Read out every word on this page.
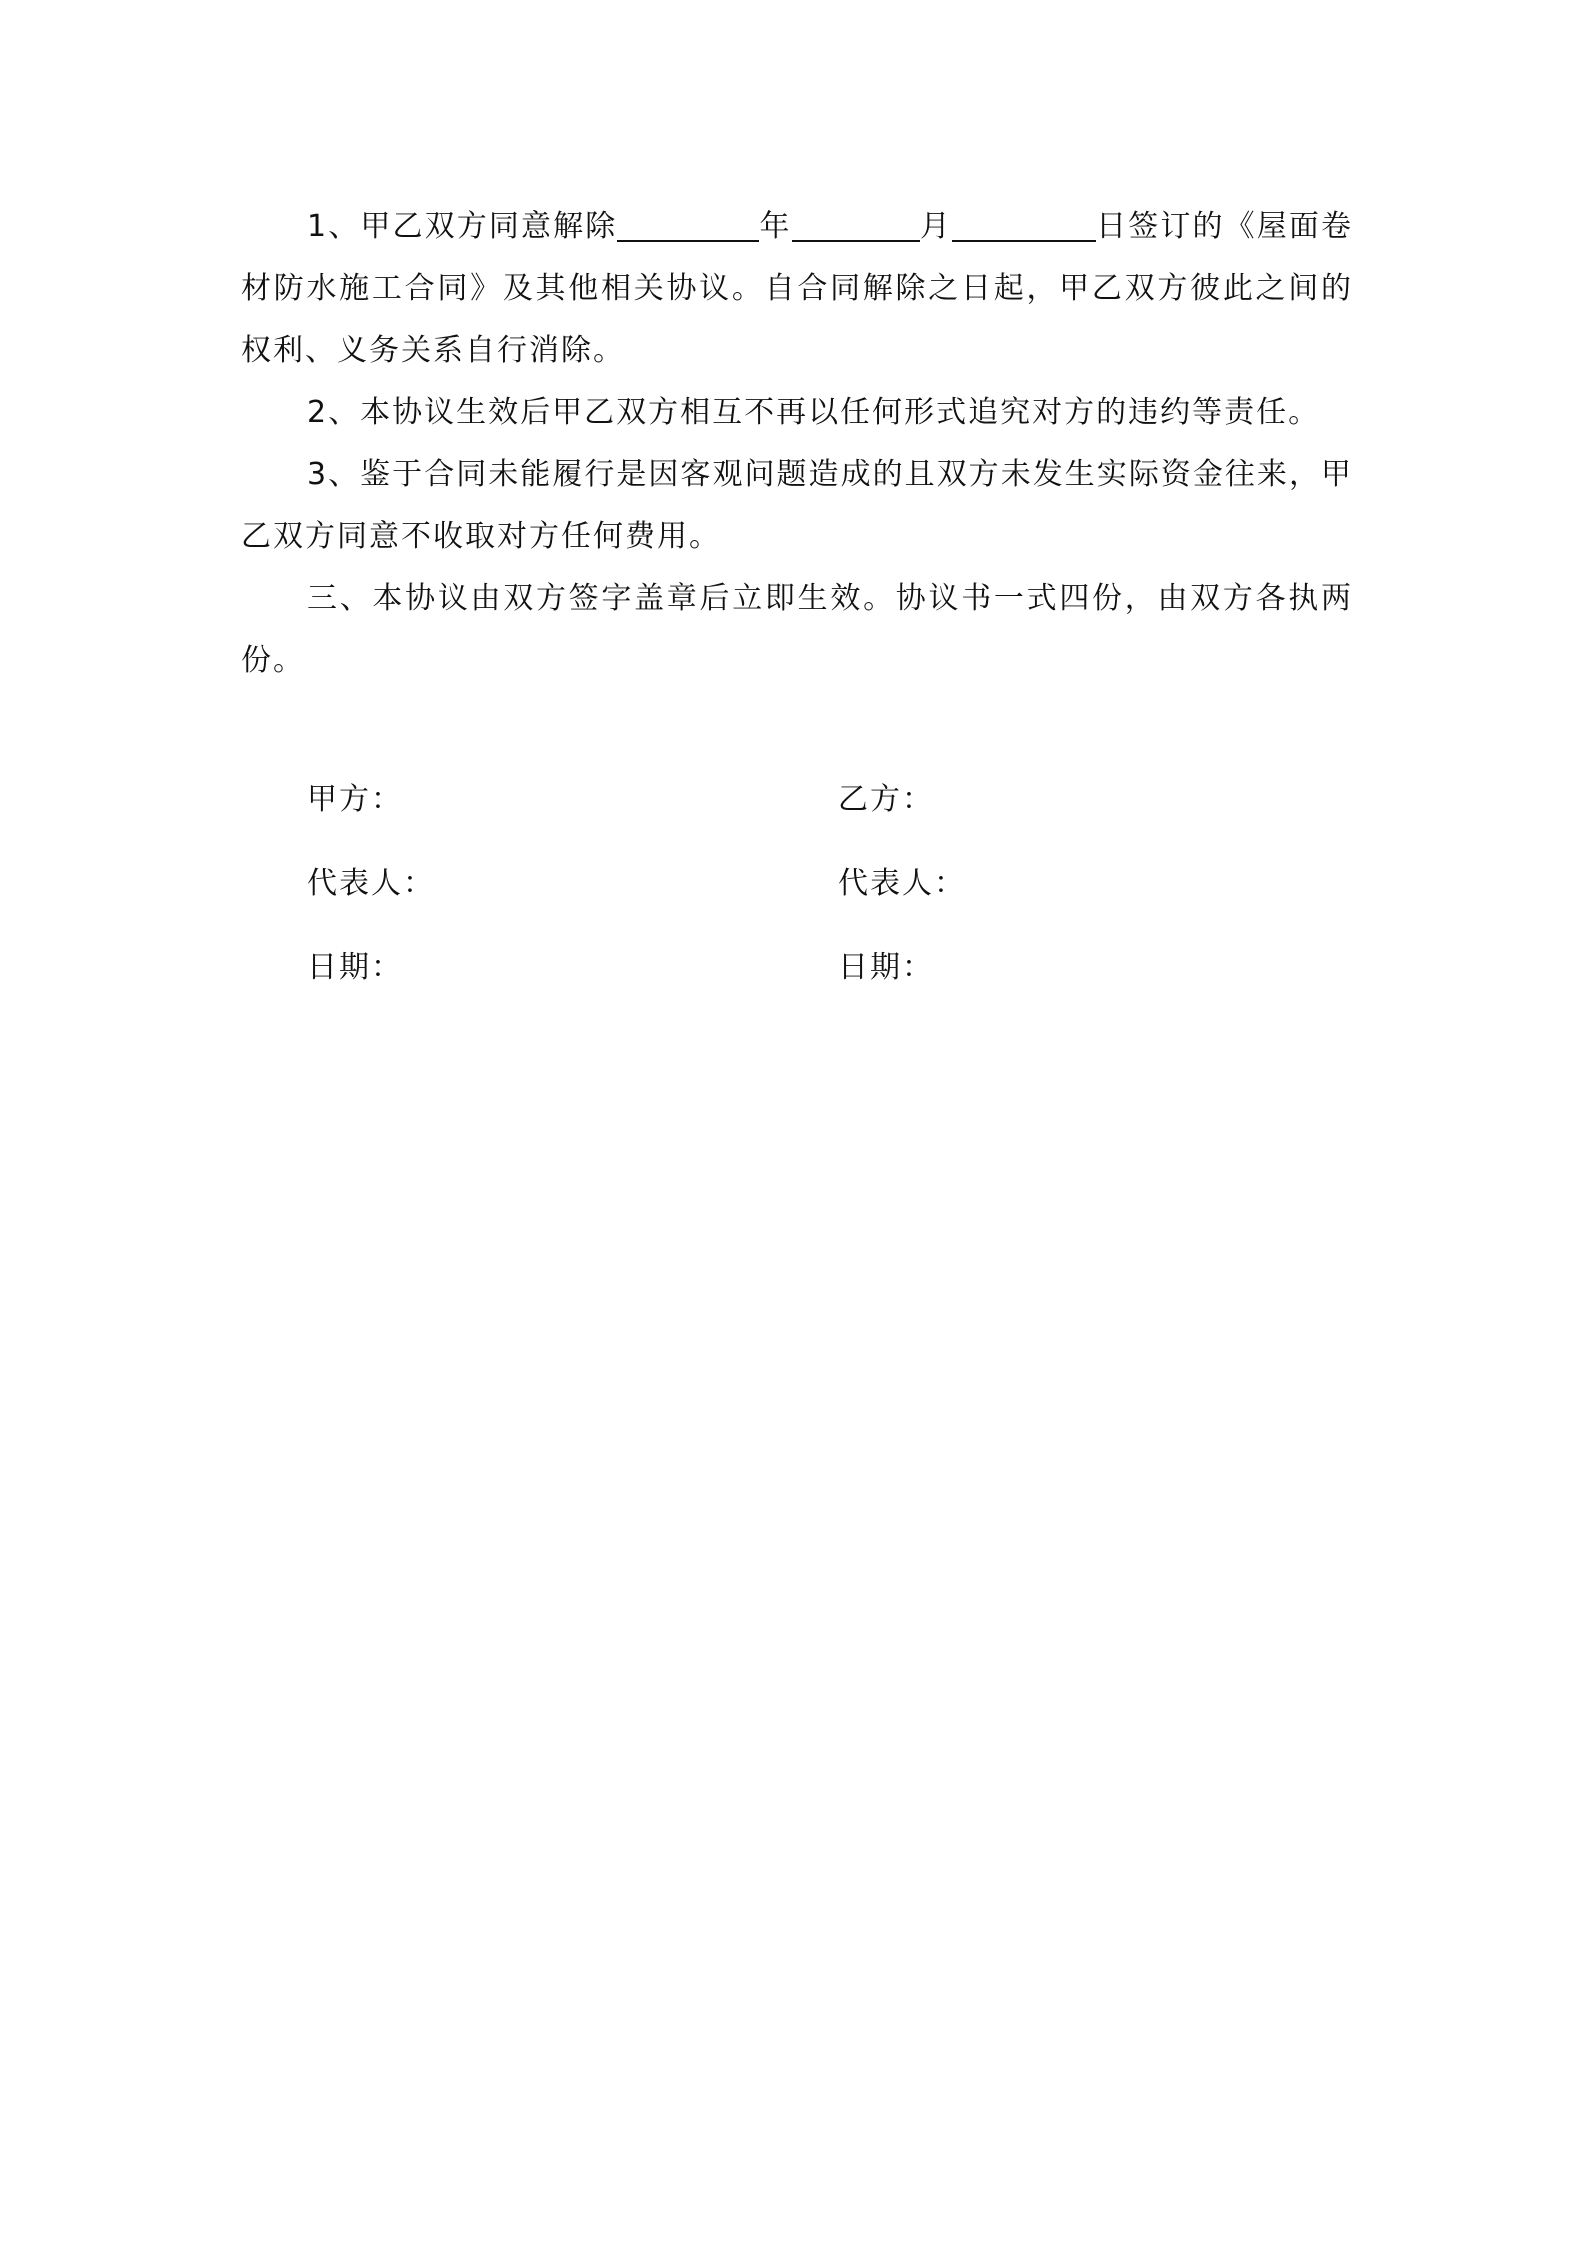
1、甲乙双方同意解除	年	月	日签订的《屋面卷材防水施工合同》及其他相关协议。自合同解除之日起，甲乙双方彼此之间的权利、义务关系自行消除。

2、本协议生效后甲乙双方相互不再以任何形式追究对方的违约等责任。

3、鉴于合同未能履行是因客观问题造成的且双方未发生实际资金往来，甲乙双方同意不收取对方任何费用。

三、本协议由双方签字盖章后立即生效。协议书一式四份，由双方各执两份。

甲方：	乙方：
代表人：	代表人：
日期：	日期：
